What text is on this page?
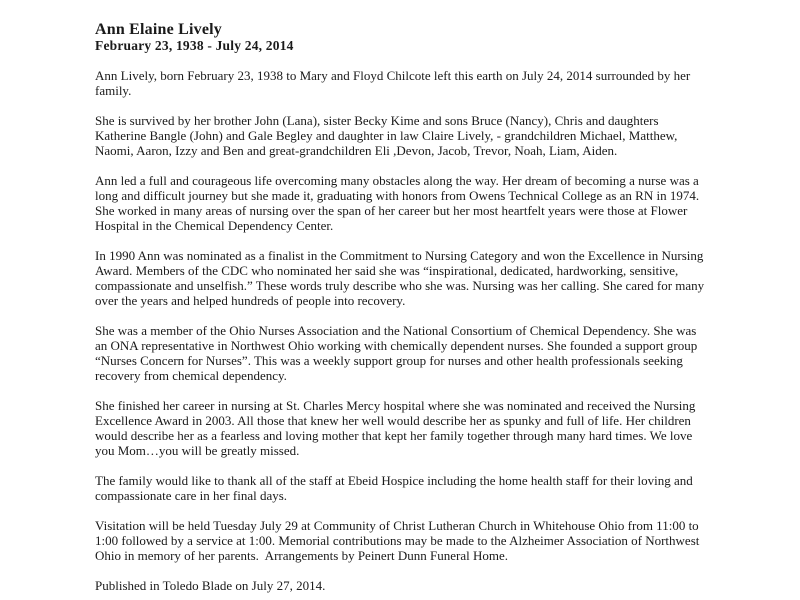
Ann Elaine Lively
February 23, 1938 - July 24, 2014

Ann Lively, born February 23, 1938 to Mary and Floyd Chilcote left this earth on July 24, 2014 surrounded by her family.

She is survived by her brother John (Lana), sister Becky Kime and sons Bruce (Nancy), Chris and daughters Katherine Bangle (John) and Gale Begley and daughter in law Claire Lively, - grandchildren Michael, Matthew, Naomi, Aaron, Izzy and Ben and great-grandchildren Eli ,Devon, Jacob, Trevor, Noah, Liam, Aiden.

Ann led a full and courageous life overcoming many obstacles along the way. Her dream of becoming a nurse was a long and difficult journey but she made it, graduating with honors from Owens Technical College as an RN in 1974. She worked in many areas of nursing over the span of her career but her most heartfelt years were those at Flower Hospital in the Chemical Dependency Center.

In 1990 Ann was nominated as a finalist in the Commitment to Nursing Category and won the Excellence in Nursing Award. Members of the CDC who nominated her said she was “inspirational, dedicated, hardworking, sensitive, compassionate and unselfish.” These words truly describe who she was. Nursing was her calling. She cared for many over the years and helped hundreds of people into recovery.

She was a member of the Ohio Nurses Association and the National Consortium of Chemical Dependency. She was an ONA representative in Northwest Ohio working with chemically dependent nurses. She founded a support group “Nurses Concern for Nurses”. This was a weekly support group for nurses and other health professionals seeking recovery from chemical dependency.

She finished her career in nursing at St. Charles Mercy hospital where she was nominated and received the Nursing Excellence Award in 2003. All those that knew her well would describe her as spunky and full of life. Her children would describe her as a fearless and loving mother that kept her family together through many hard times. We love you Mom…you will be greatly missed.

The family would like to thank all of the staff at Ebeid Hospice including the home health staff for their loving and compassionate care in her final days.

Visitation will be held Tuesday July 29 at Community of Christ Lutheran Church in Whitehouse Ohio from 11:00 to 1:00 followed by a service at 1:00. Memorial contributions may be made to the Alzheimer Association of Northwest Ohio in memory of her parents.  Arrangements by Peinert Dunn Funeral Home.

Published in Toledo Blade on July 27, 2014.
